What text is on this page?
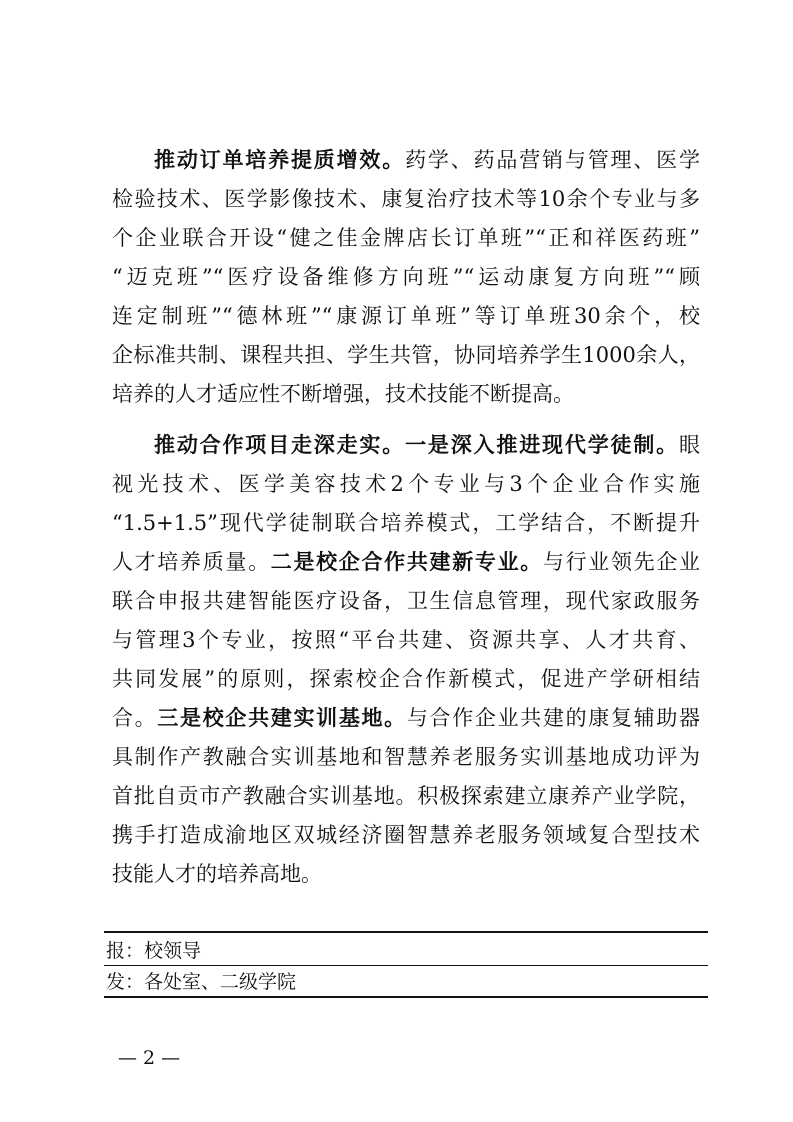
推动订单培养提质增效。药学、药品营销与管理、医学
检验技术、医学影像技术、康复治疗技术等10余个专业与多
个企业联合开设“健之佳金牌店长订单班”“正和祥医药班”
“迈克班”“医疗设备维修方向班”“运动康复方向班”“顾
连定制班”“德林班”“康源订单班”等订单班30余个，校
企标准共制、课程共担、学生共管，协同培养学生1000余人，
培养的人才适应性不断增强，技术技能不断提高。
推动合作项目走深走实。一是深入推进现代学徒制。眼
视光技术、医学美容技术2个专业与3个企业合作实施
“1.5+1.5”现代学徒制联合培养模式，工学结合，不断提升
人才培养质量。二是校企合作共建新专业。与行业领先企业
联合申报共建智能医疗设备，卫生信息管理，现代家政服务
与管理3个专业，按照“平台共建、资源共享、人才共育、
共同发展”的原则，探索校企合作新模式，促进产学研相结
合。三是校企共建实训基地。与合作企业共建的康复辅助器
具制作产教融合实训基地和智慧养老服务实训基地成功评为
首批自贡市产教融合实训基地。积极探索建立康养产业学院，
携手打造成渝地区双城经济圈智慧养老服务领域复合型技术
技能人才的培养高地。
报：校领导
发：各处室、二级学院
— 2 —
